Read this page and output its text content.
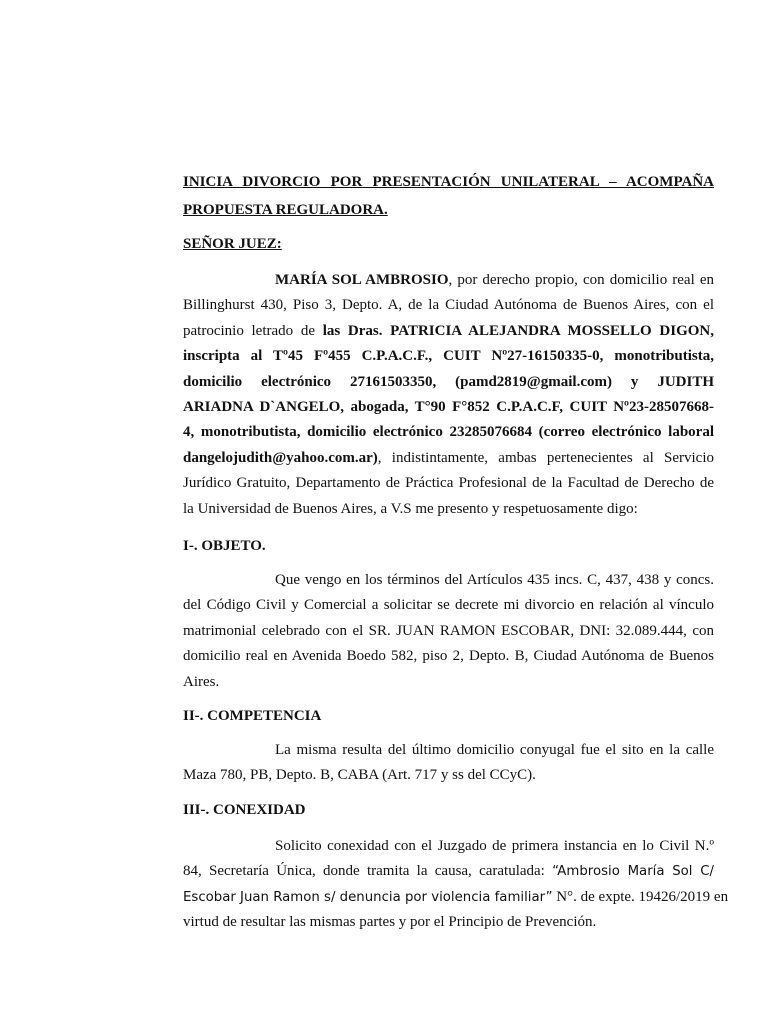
INICIA DIVORCIO POR PRESENTACIÓN UNILATERAL – ACOMPAÑA
PROPUESTA REGULADORA.
SEÑOR JUEZ:
MARÍA SOL AMBROSIO, por derecho propio, con domicilio real en
Billinghurst 430, Piso 3, Depto. A, de la Ciudad Autónoma de Buenos Aires, con el
patrocinio letrado de las Dras. PATRICIA ALEJANDRA MOSSELLO DIGON,
inscripta al Tº45 Fº455 C.P.A.C.F., CUIT Nº27-16150335-0, monotributista,
domicilio electrónico 27161503350, (pamd2819@gmail.com) y JUDITH
ARIADNA D`ANGELO, abogada, T°90 F°852 C.P.A.C.F, CUIT Nº23-28507668-
4, monotributista, domicilio electrónico 23285076684 (correo electrónico laboral
dangelojudith@yahoo.com.ar), indistintamente, ambas pertenecientes al Servicio
Jurídico Gratuito, Departamento de Práctica Profesional de la Facultad de Derecho de
la Universidad de Buenos Aires, a V.S me presento y respetuosamente digo:
I-. OBJETO.
Que vengo en los términos del Artículos 435 incs. C, 437, 438 y concs.
del Código Civil y Comercial a solicitar se decrete mi divorcio en relación al vínculo
matrimonial celebrado con el SR. JUAN RAMON ESCOBAR, DNI: 32.089.444, con
domicilio real en Avenida Boedo 582, piso 2, Depto. B, Ciudad Autónoma de Buenos
Aires.
II-. COMPETENCIA
La misma resulta del último domicilio conyugal fue el sito en la calle
Maza 780, PB, Depto. B, CABA (Art. 717 y ss del CCyC).
III-. CONEXIDAD
Solicito conexidad con el Juzgado de primera instancia en lo Civil N.º
84, Secretaría Única, donde tramita la causa, caratulada: “Ambrosio María Sol C/
Escobar Juan Ramon s/ denuncia por violencia familiar” N°. de expte. 19426/2019 en
virtud de resultar las mismas partes y por el Principio de Prevención.
